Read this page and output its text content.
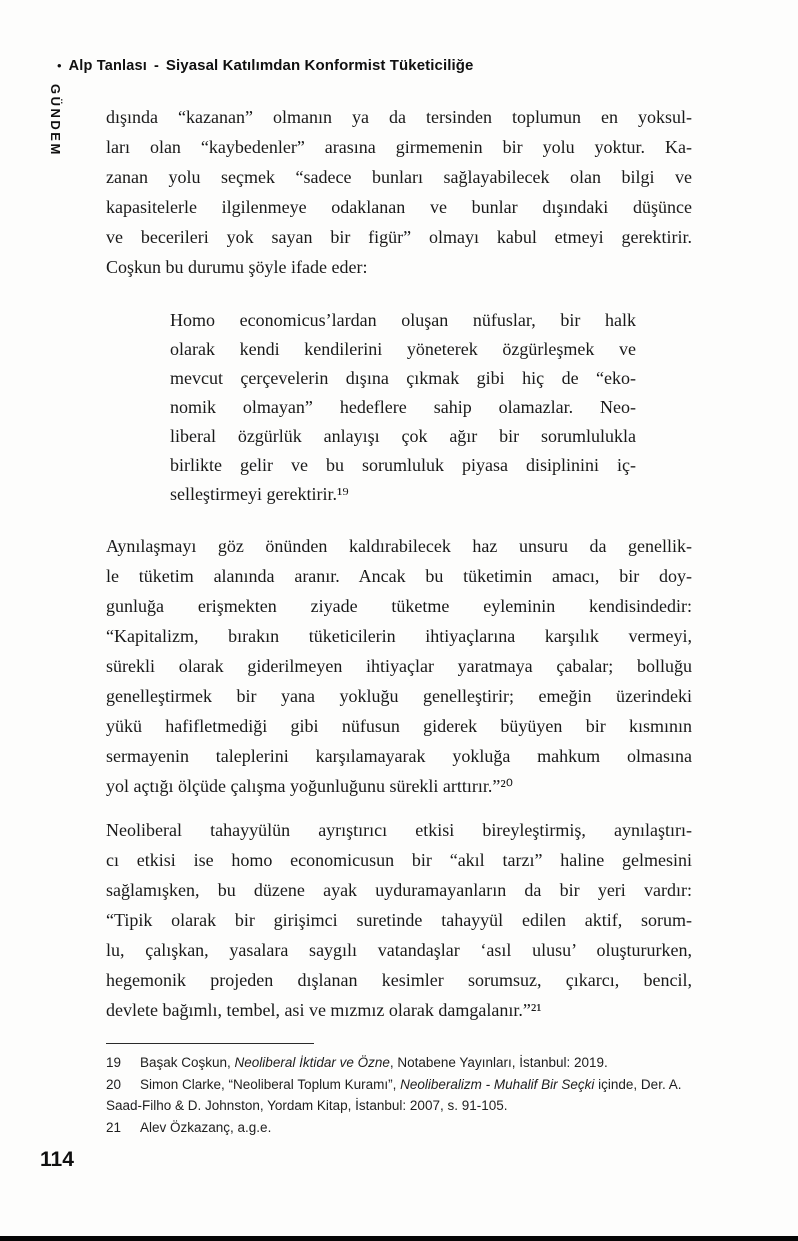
• Alp Tanlası - Siyasal Katılımdan Konformist Tüketiciliğe
GÜNDEM dışında “kazanan” olmanın ya da tersinden toplumun en yoksul-
ları olan “kaybedenler” arasına girmemenin bir yolu yoktur. Ka-
zanan yolu seçmek “sadece bunları sağlayabilecek olan bilgi ve
kapasitelerle ilgilenmeye odaklanan ve bunlar dışındaki düşünce
ve becerileri yok sayan bir figür” olmayı kabul etmeyi gerektirir.
Coşkun bu durumu şöyle ifade eder:
Homo economicus’lardan oluşan nüfuslar, bir halk
olarak kendi kendilerini yöneterek özgürleşmek ve
mevcut çerçevelerin dışına çıkmak gibi hiç de “eko-
nomik olmayan” hedeflere sahip olamazlar. Neo-
liberal özgürlük anlayışı çok ağır bir sorumlulukla
birlikte gelir ve bu sorumluluk piyasa disiplinini iç-
selleştirmeyi gerektirir.¹⁹
Aynılaşmayı göz önünden kaldırabilecek haz unsuru da genellik-
le tüketim alanında aranır. Ancak bu tüketimin amacı, bir doy-
gunluğa erişmekten ziyade tüketme eyleminin kendisindedir:
“Kapitalizm, bırakın tüketicilerin ihtiyaçlarına karşılık vermeyi,
sürekli olarak giderilmeyen ihtiyaçlar yaratmaya çabalar; bolluğu
genelleştirmek bir yana yokluğu genelleştirir; emeğin üzerindeki
yükü hafifletmediği gibi nüfusun giderek büyüyen bir kısmının
sermayenin taleplerini karşılamayarak yokluğa mahkum olmasına
yol açtığı ölçüde çalışma yoğunluğunu sürekli arttırır.”²⁰
Neoliberal tahayyülün ayrıştırıcı etkisi bireyleştirmiş, aynılaştırı-
cı etkisi ise homo economicusun bir “akıl tarzı” haline gelmesini
sağlamışken, bu düzene ayak uyduramayanların da bir yeri vardır:
“Tipik olarak bir girişimci suretinde tahayyül edilen aktif, sorum-
lu, çalışkan, yasalara saygılı vatandaşlar ‘asıl ulusu’ oluştururken,
hegemonik projeden dışlanan kesimler sorumsuz, çıkarcı, bencil,
devlete bağımlı, tembel, asi ve mızmız olarak damgalanır.”²¹
19 Başak Coşkun, Neoliberal İktidar ve Özne, Notabene Yayınları, İstanbul: 2019.
20 Simon Clarke, “Neoliberal Toplum Kuramı”, Neoliberalizm - Muhalif Bir Seçki içinde, Der. A. Saad-Filho & D. Johnston, Yordam Kitap, İstanbul: 2007, s. 91-105.
21 Alev Özkazanç, a.g.e.
114
